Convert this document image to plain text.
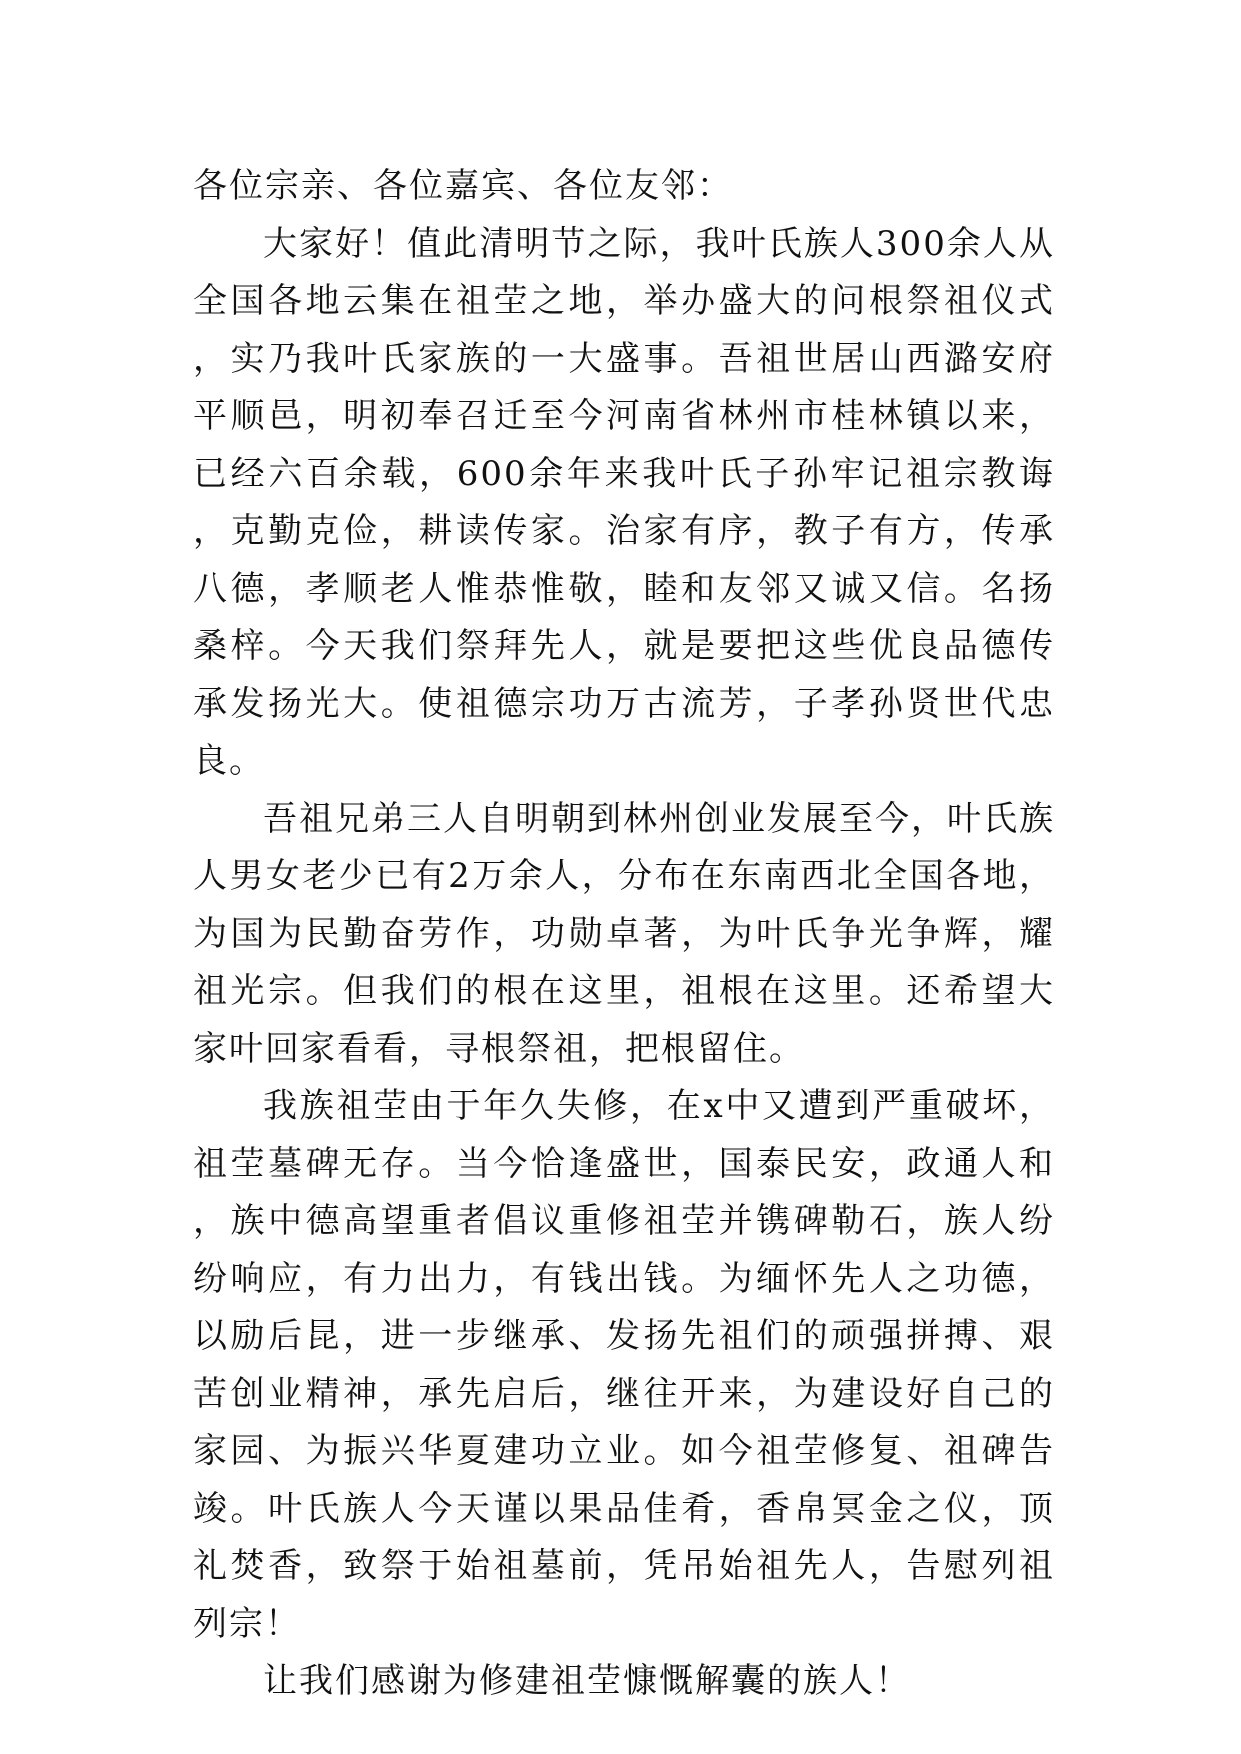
各位宗亲、各位嘉宾、各位友邻：

大家好！值此清明节之际，我叶氏族人300余人从全国各地云集在祖茔之地，举办盛大的问根祭祖仪式，实乃我叶氏家族的一大盛事。吾祖世居山西潞安府平顺邑，明初奉召迁至今河南省林州市桂林镇以来，已经六百余载，600余年来我叶氏子孙牢记祖宗教诲，克勤克俭，耕读传家。治家有序，教子有方，传承八德，孝顺老人惟恭惟敬，睦和友邻又诚又信。名扬桑梓。今天我们祭拜先人，就是要把这些优良品德传承发扬光大。使祖德宗功万古流芳，子孝孙贤世代忠良。

吾祖兄弟三人自明朝到林州创业发展至今，叶氏族人男女老少已有2万余人，分布在东南西北全国各地，为国为民勤奋劳作，功勋卓著，为叶氏争光争辉，耀祖光宗。但我们的根在这里，祖根在这里。还希望大家叶回家看看，寻根祭祖，把根留住。

我族祖茔由于年久失修，在x中又遭到严重破坏，祖茔墓碑无存。当今恰逢盛世，国泰民安，政通人和，族中德高望重者倡议重修祖茔并镌碑勒石，族人纷纷响应，有力出力，有钱出钱。为缅怀先人之功德，以励后昆，进一步继承、发扬先祖们的顽强拼搏、艰苦创业精神，承先启后，继往开来，为建设好自己的家园、为振兴华夏建功立业。如今祖茔修复、祖碑告竣。叶氏族人今天谨以果品佳肴，香帛冥金之仪，顶礼焚香，致祭于始祖墓前，凭吊始祖先人，告慰列祖列宗！

让我们感谢为修建祖茔慷慨解囊的族人！
